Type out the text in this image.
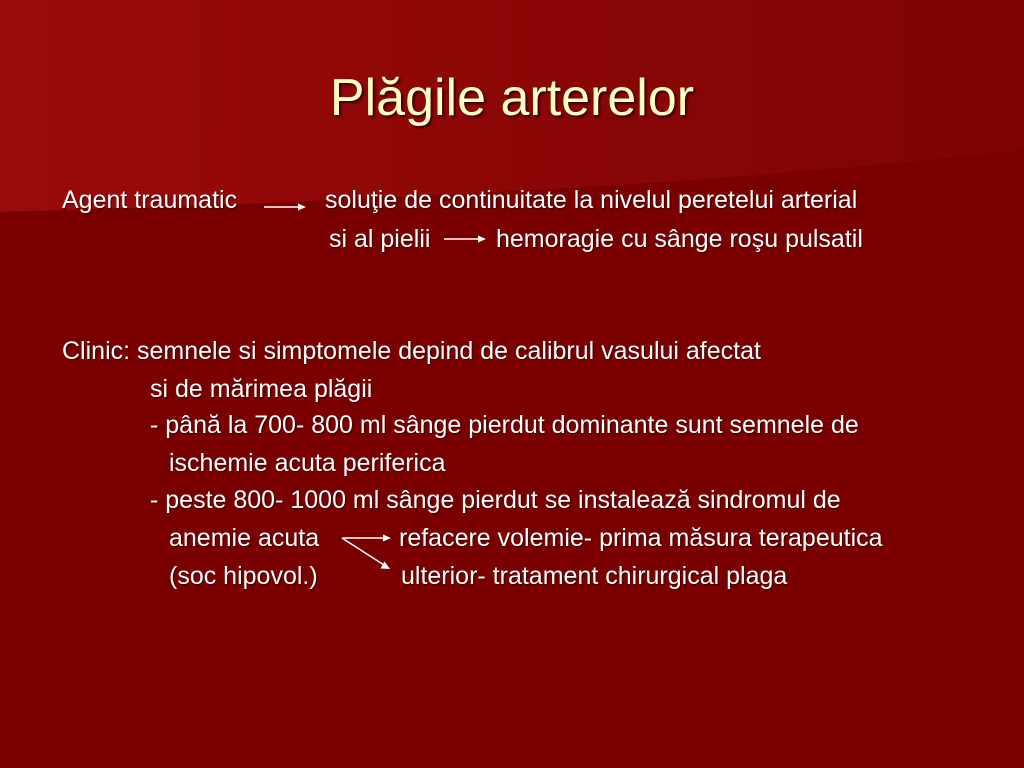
Plăgile arterelor
Agent traumatic	soluţie de continuitate la nivelul peretelui arterial
si al pielii	hemoragie cu sânge roşu pulsatil
Clinic: semnele si simptomele depind de calibrul vasului afectat
si de mărimea plăgii
- până la 700- 800 ml sânge pierdut dominante sunt semnele de
ischemie acuta periferica
- peste 800- 1000 ml sânge pierdut se instalează sindromul de
anemie acuta	refacere volemie- prima măsura terapeutica
(soc hipovol.)	ulterior- tratament chirurgical plaga
